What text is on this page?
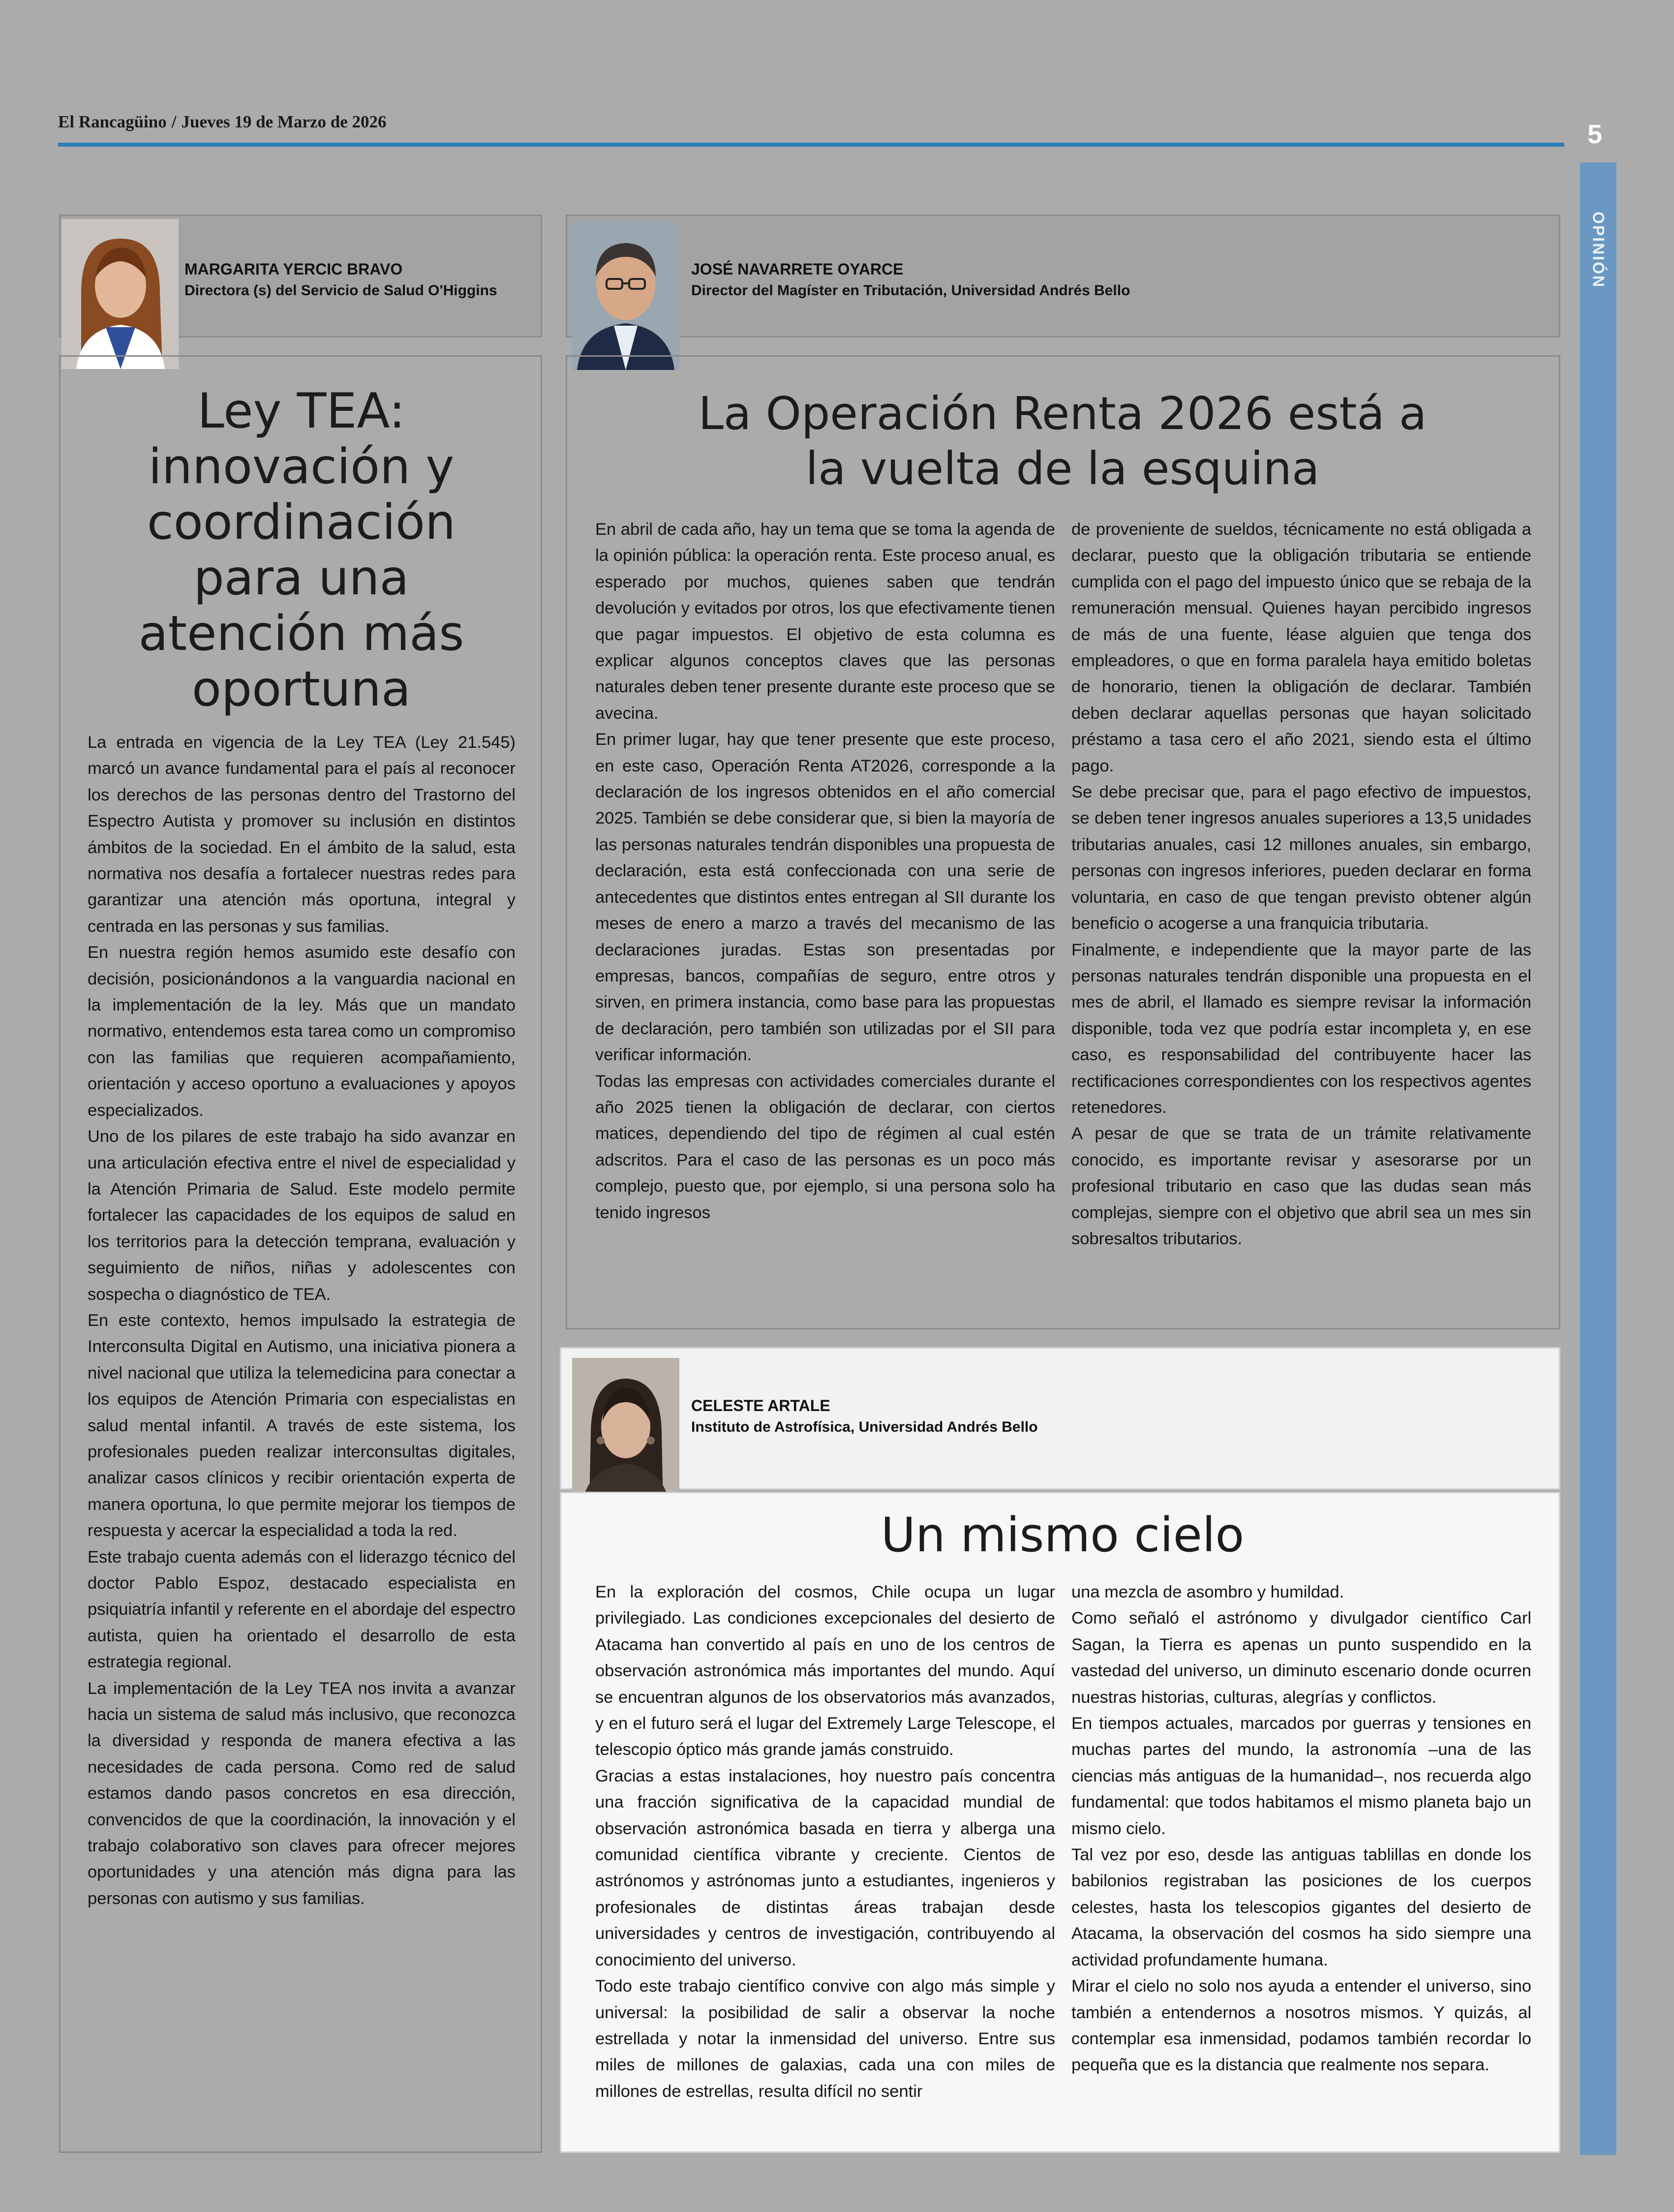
El Rancagüino / Jueves 19 de Marzo de 2026	5
OPINIÓN
MARGARITA YERCIC BRAVO
Directora (s) del Servicio de Salud O'Higgins
Ley TEA: innovación y coordinación para una atención más oportuna

La entrada en vigencia de la Ley TEA (Ley 21.545) marcó un avance fundamental para el país al reconocer los derechos de las personas dentro del Trastorno del Espectro Autista y promover su inclusión en distintos ámbitos de la sociedad. En el ámbito de la salud, esta normativa nos desafía a fortalecer nuestras redes para garantizar una atención más oportuna, integral y centrada en las personas y sus familias.

En nuestra región hemos asumido este desafío con decisión, posicionándonos a la vanguardia nacional en la implementación de la ley. Más que un mandato normativo, entendemos esta tarea como un compromiso con las familias que requieren acompañamiento, orientación y acceso oportuno a evaluaciones y apoyos especializados.

Uno de los pilares de este trabajo ha sido avanzar en una articulación efectiva entre el nivel de especialidad y la Atención Primaria de Salud. Este modelo permite fortalecer las capacidades de los equipos de salud en los territorios para la detección temprana, evaluación y seguimiento de niños, niñas y adolescentes con sospecha o diagnóstico de TEA.

En este contexto, hemos impulsado la estrategia de Interconsulta Digital en Autismo, una iniciativa pionera a nivel nacional que utiliza la telemedicina para conectar a los equipos de Atención Primaria con especialistas en salud mental infantil. A través de este sistema, los profesionales pueden realizar interconsultas digitales, analizar casos clínicos y recibir orientación experta de manera oportuna, lo que permite mejorar los tiempos de respuesta y acercar la especialidad a toda la red.

Este trabajo cuenta además con el liderazgo técnico del doctor Pablo Espoz, destacado especialista en psiquiatría infantil y referente en el abordaje del espectro autista, quien ha orientado el desarrollo de esta estrategia regional.

La implementación de la Ley TEA nos invita a avanzar hacia un sistema de salud más inclusivo, que reconozca la diversidad y responda de manera efectiva a las necesidades de cada persona. Como red de salud estamos dando pasos concretos en esa dirección, convencidos de que la coordinación, la innovación y el trabajo colaborativo son claves para ofrecer mejores oportunidades y una atención más digna para las personas con autismo y sus familias.

JOSÉ NAVARRETE OYARCE
Director del Magíster en Tributación, Universidad Andrés Bello
La Operación Renta 2026 está a la vuelta de la esquina

En abril de cada año, hay un tema que se toma la agenda de la opinión pública: la operación renta. Este proceso anual, es esperado por muchos, quienes saben que tendrán devolución y evitados por otros, los que efectivamente tienen que pagar impuestos. El objetivo de esta columna es explicar algunos conceptos claves que las personas naturales deben tener presente durante este proceso que se avecina.

En primer lugar, hay que tener presente que este proceso, en este caso, Operación Renta AT2026, corresponde a la declaración de los ingresos obtenidos en el año comercial 2025. También se debe considerar que, si bien la mayoría de las personas naturales tendrán disponibles una propuesta de declaración, esta está confeccionada con una serie de antecedentes que distintos entes entregan al SII durante los meses de enero a marzo a través del mecanismo de las declaraciones juradas. Estas son presentadas por empresas, bancos, compañías de seguro, entre otros y sirven, en primera instancia, como base para las propuestas de declaración, pero también son utilizadas por el SII para verificar información.

Todas las empresas con actividades comerciales durante el año 2025 tienen la obligación de declarar, con ciertos matices, dependiendo del tipo de régimen al cual estén adscritos. Para el caso de las personas es un poco más complejo, puesto que, por ejemplo, si una persona solo ha tenido ingresos

de proveniente de sueldos, técnicamente no está obligada a declarar, puesto que la obligación tributaria se entiende cumplida con el pago del impuesto único que se rebaja de la remuneración mensual. Quienes hayan percibido ingresos de más de una fuente, léase alguien que tenga dos empleadores, o que en forma paralela haya emitido boletas de honorario, tienen la obligación de declarar. También deben declarar aquellas personas que hayan solicitado préstamo a tasa cero el año 2021, siendo esta el último pago.

Se debe precisar que, para el pago efectivo de impuestos, se deben tener ingresos anuales superiores a 13,5 unidades tributarias anuales, casi 12 millones anuales, sin embargo, personas con ingresos inferiores, pueden declarar en forma voluntaria, en caso de que tengan previsto obtener algún beneficio o acogerse a una franquicia tributaria.

Finalmente, e independiente que la mayor parte de las personas naturales tendrán disponible una propuesta en el mes de abril, el llamado es siempre revisar la información disponible, toda vez que podría estar incompleta y, en ese caso, es responsabilidad del contribuyente hacer las rectificaciones correspondientes con los respectivos agentes retenedores.

A pesar de que se trata de un trámite relativamente conocido, es importante revisar y asesorarse por un profesional tributario en caso que las dudas sean más complejas, siempre con el objetivo que abril sea un mes sin sobresaltos tributarios.

CELESTE ARTALE
Instituto de Astrofísica, Universidad Andrés Bello
Un mismo cielo

En la exploración del cosmos, Chile ocupa un lugar privilegiado. Las condiciones excepcionales del desierto de Atacama han convertido al país en uno de los centros de observación astronómica más importantes del mundo. Aquí se encuentran algunos de los observatorios más avanzados, y en el futuro será el lugar del Extremely Large Telescope, el telescopio óptico más grande jamás construido.

Gracias a estas instalaciones, hoy nuestro país concentra una fracción significativa de la capacidad mundial de observación astronómica basada en tierra y alberga una comunidad científica vibrante y creciente. Cientos de astrónomos y astrónomas junto a estudiantes, ingenieros y profesionales de distintas áreas trabajan desde universidades y centros de investigación, contribuyendo al conocimiento del universo.

Todo este trabajo científico convive con algo más simple y universal: la posibilidad de salir a observar la noche estrellada y notar la inmensidad del universo. Entre sus miles de millones de galaxias, cada una con miles de millones de estrellas, resulta difícil no sentir

una mezcla de asombro y humildad.

Como señaló el astrónomo y divulgador científico Carl Sagan, la Tierra es apenas un punto suspendido en la vastedad del universo, un diminuto escenario donde ocurren nuestras historias, culturas, alegrías y conflictos.

En tiempos actuales, marcados por guerras y tensiones en muchas partes del mundo, la astronomía –una de las ciencias más antiguas de la humanidad–, nos recuerda algo fundamental: que todos habitamos el mismo planeta bajo un mismo cielo.

Tal vez por eso, desde las antiguas tablillas en donde los babilonios registraban las posiciones de los cuerpos celestes, hasta los telescopios gigantes del desierto de Atacama, la observación del cosmos ha sido siempre una actividad profundamente humana.

Mirar el cielo no solo nos ayuda a entender el universo, sino también a entendernos a nosotros mismos. Y quizás, al contemplar esa inmensidad, podamos también recordar lo pequeña que es la distancia que realmente nos separa.
